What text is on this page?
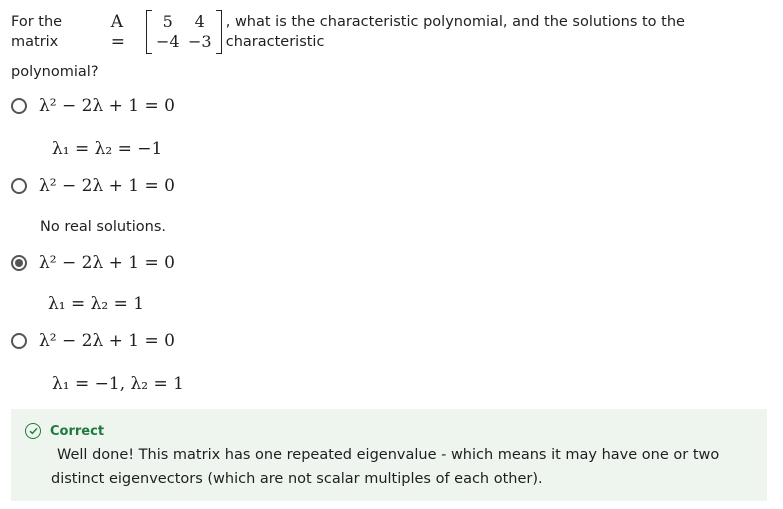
For the matrix
A =
5	4
−4 −3
, what is the characteristic polynomial, and the solutions to the characteristic
polynomial?
λ² − 2λ + 1 = 0
λ₁ = λ₂ = −1
λ² − 2λ + 1 = 0
No real solutions.
λ² − 2λ + 1 = 0
λ₁ = λ₂ = 1
λ² − 2λ + 1 = 0
λ₁ = −1, λ₂ = 1
Correct
Well done! This matrix has one repeated eigenvalue - which means it may have one or two distinct eigenvectors (which are not scalar multiples of each other).
